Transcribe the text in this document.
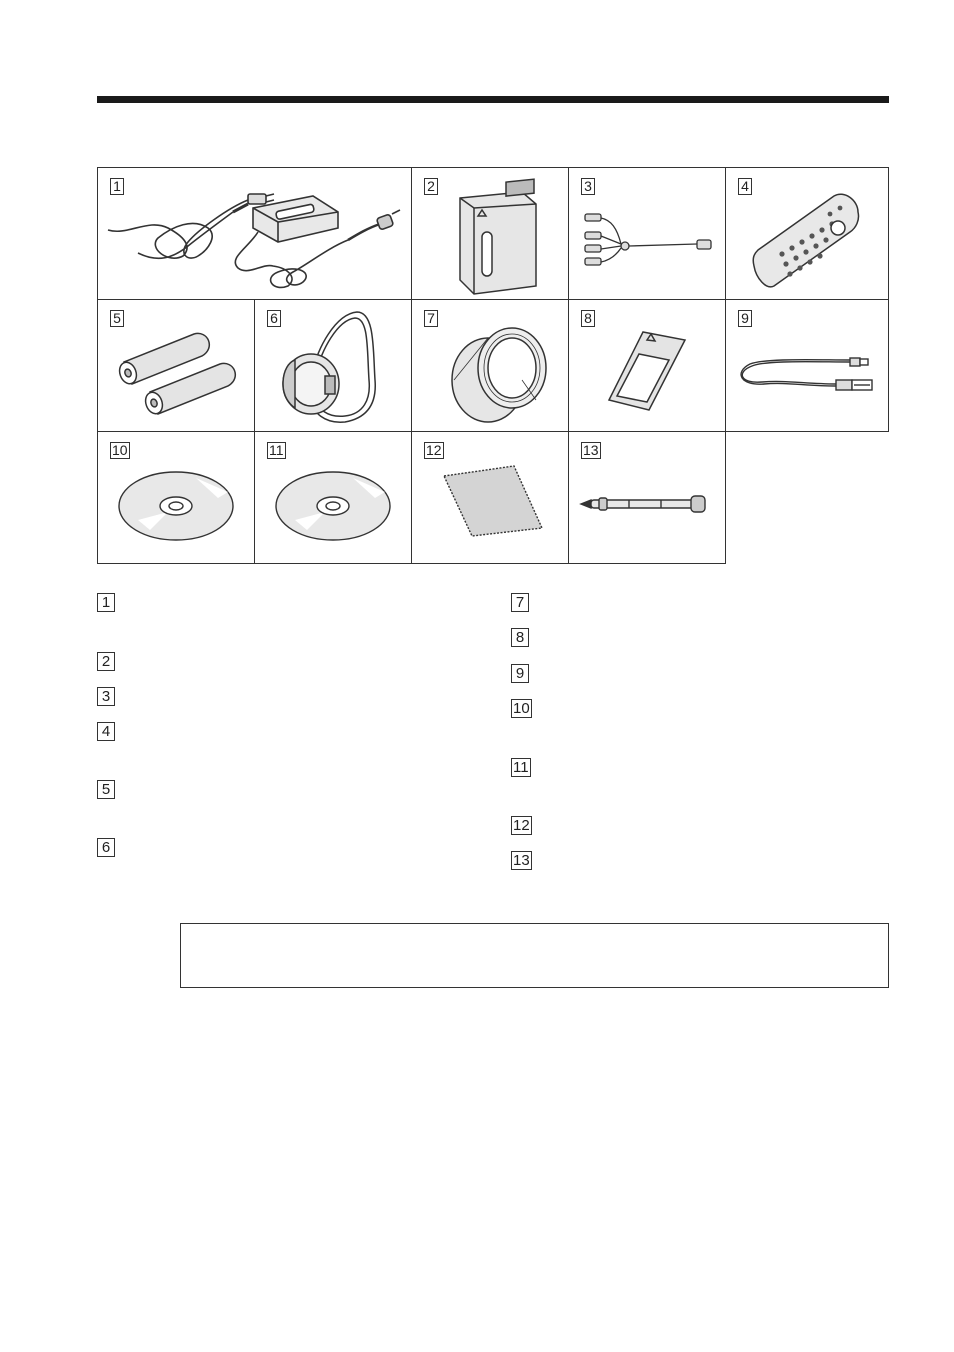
1	2	3	4
5	6	7	8	9
10	11	12	13
1
2
3
4
5
6
7
8
9
10
11
12
13
